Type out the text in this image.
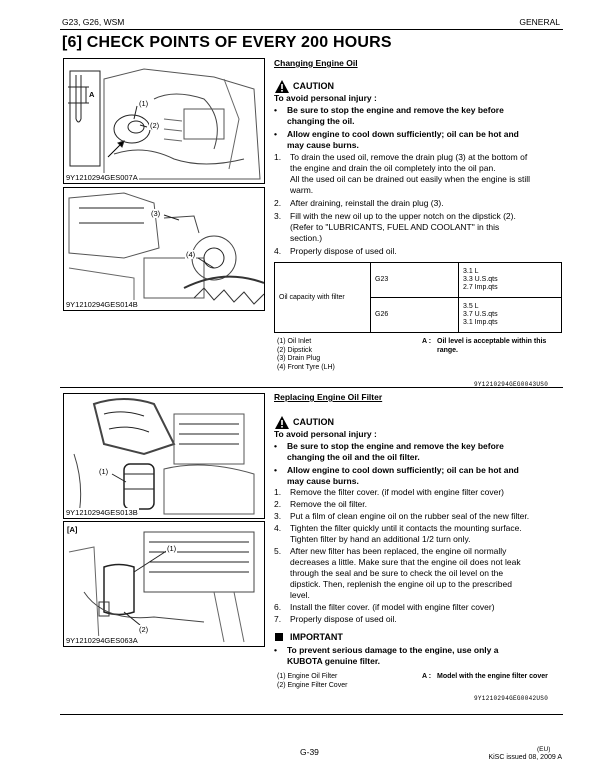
G23, G26, WSM	GENERAL
[6] CHECK POINTS OF EVERY 200 HOURS
A
(1)
(2)
9Y1210294GES007A
(3)
(4)
9Y1210294GES014B
(1)
9Y1210294GES013B
[A]
(1)
(2)
9Y1210294GES063A
Changing Engine Oil
CAUTION
To avoid personal injury :
•	Be sure to stop the engine and remove the key before
changing the oil.
•	Allow engine to cool down sufficiently; oil can be hot and
may cause burns.
1.	To drain the used oil, remove the drain plug (3) at the bottom of
the engine and drain the oil completely into the oil pan.
All the used oil can be drained out easily when the engine is still
warm.
2.	After draining, reinstall the drain plug (3).
3.	Fill with the new oil up to the upper notch on the dipstick (2).
(Refer to "LUBRICANTS, FUEL AND COOLANT" in this
section.)
4.	Properly dispose of used oil.
Oil capacity with filter	G23	3.1 L
3.3 U.S.qts
2.7 Imp.qts

	G26	3.5 L
3.7 U.S.qts
3.1 Imp.qts
(1) Oil Inlet
(2) Dipstick
(3) Drain Plug
(4) Front Tyre (LH)
A : Oil level is acceptable within this
range.
9Y1210294GEG0043US0
Replacing Engine Oil Filter
CAUTION
To avoid personal injury :
•	Be sure to stop the engine and remove the key before
changing the oil and the oil filter.
•	Allow engine to cool down sufficiently; oil can be hot and
may cause burns.
1.	Remove the filter cover. (if model with engine filter cover)
2.	Remove the oil filter.
3.	Put a film of clean engine oil on the rubber seal of the new filter.
4.	Tighten the filter quickly until it contacts the mounting surface.
Tighten filter by hand an additional 1/2 turn only.
5.	After new filter has been replaced, the engine oil normally
decreases a little. Make sure that the engine oil does not leak
through the seal and be sure to check the oil level on the
dipstick. Then, replenish the engine oil up to the prescribed
level.
6.	Install the filter cover. (if model with engine filter cover)
7.	Properly dispose of used oil.
IMPORTANT
•	To prevent serious damage to the engine, use only a
KUBOTA genuine filter.
(1) Engine Oil Filter
(2) Engine Filter Cover
A : Model with the engine filter cover
9Y1210294GEG0042US0
G-39	(EU)
KiSC issued 08, 2009 A
